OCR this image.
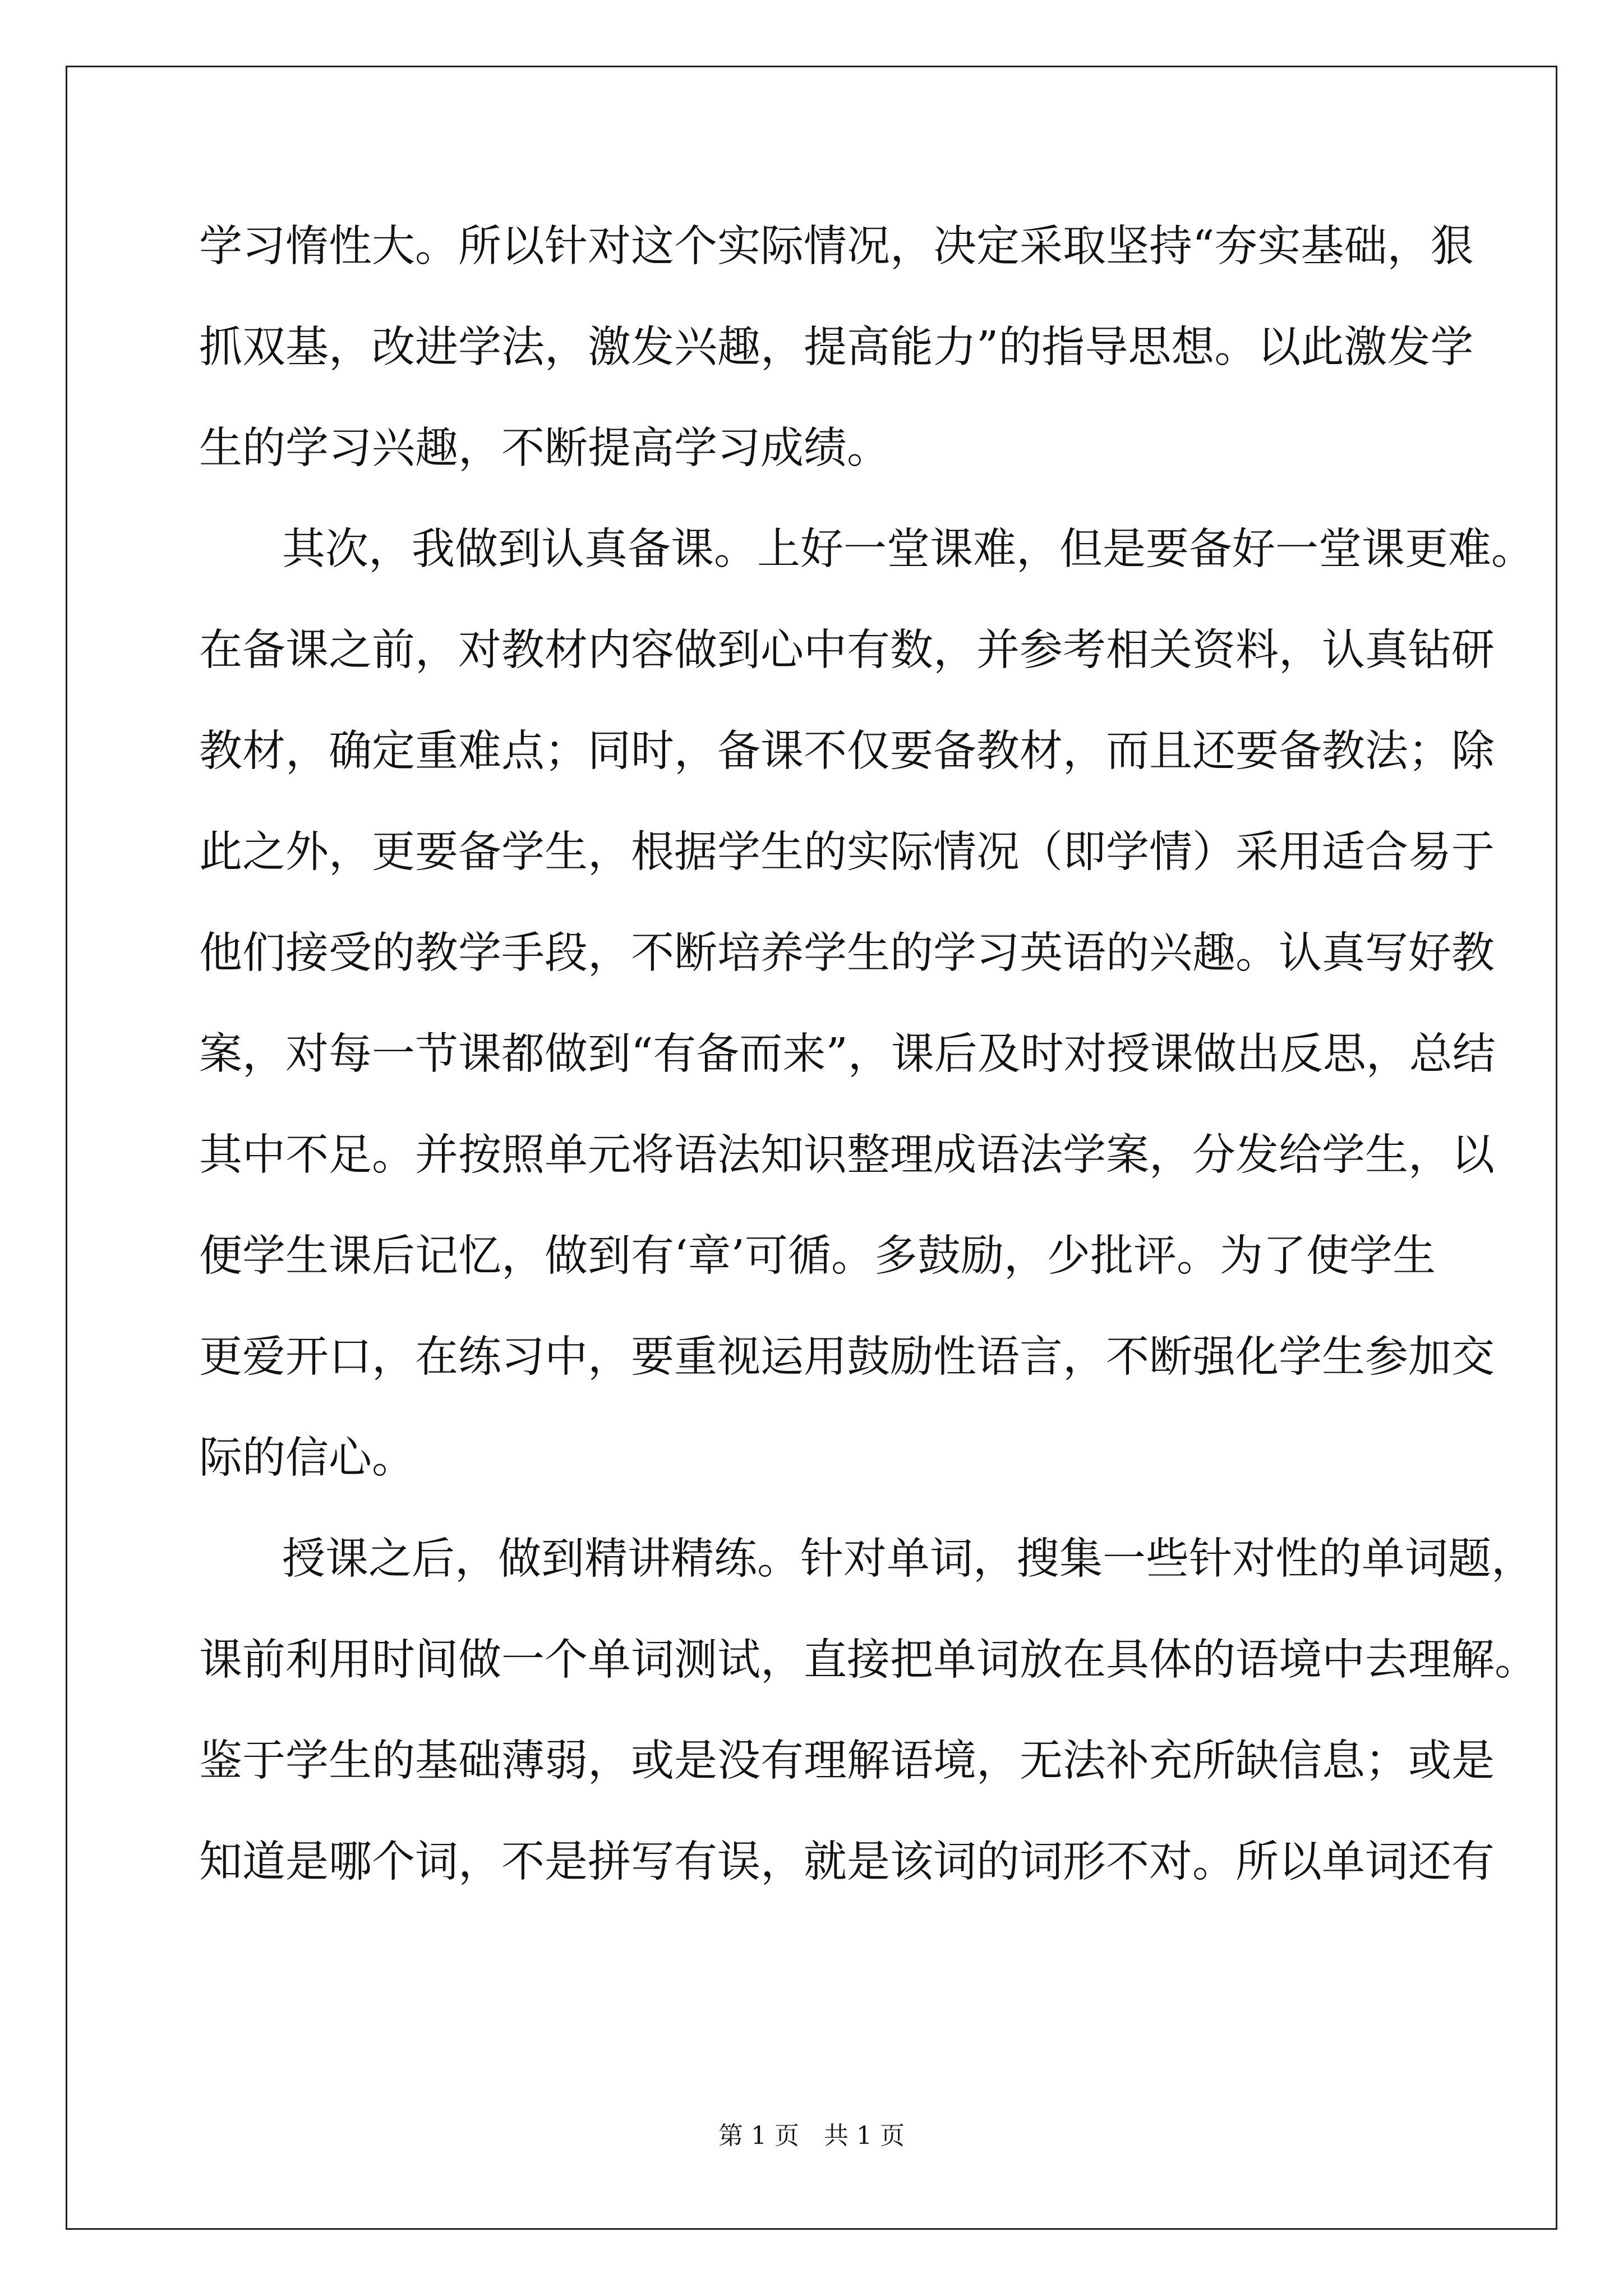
学习惰性大。所以针对这个实际情况，决定采取坚持“夯实基础，狠
抓双基，改进学法，激发兴趣，提高能力”的指导思想。以此激发学
生的学习兴趣，不断提高学习成绩。
其次，我做到认真备课。上好一堂课难，但是要备好一堂课更难。
在备课之前，对教材内容做到心中有数，并参考相关资料，认真钻研
教材，确定重难点；同时，备课不仅要备教材，而且还要备教法；除
此之外，更要备学生，根据学生的实际情况（即学情）采用适合易于
他们接受的教学手段，不断培养学生的学习英语的兴趣。认真写好教
案，对每一节课都做到“有备而来”，课后及时对授课做出反思，总结
其中不足。并按照单元将语法知识整理成语法学案，分发给学生，以
便学生课后记忆，做到有‘章’可循。多鼓励，少批评。为了使学生
更爱开口，在练习中，要重视运用鼓励性语言，不断强化学生参加交
际的信心。
授课之后，做到精讲精练。针对单词，搜集一些针对性的单词题，
课前利用时间做一个单词测试，直接把单词放在具体的语境中去理解。
鉴于学生的基础薄弱，或是没有理解语境，无法补充所缺信息；或是
知道是哪个词，不是拼写有误，就是该词的词形不对。所以单词还有
第 1 页　共 1 页
